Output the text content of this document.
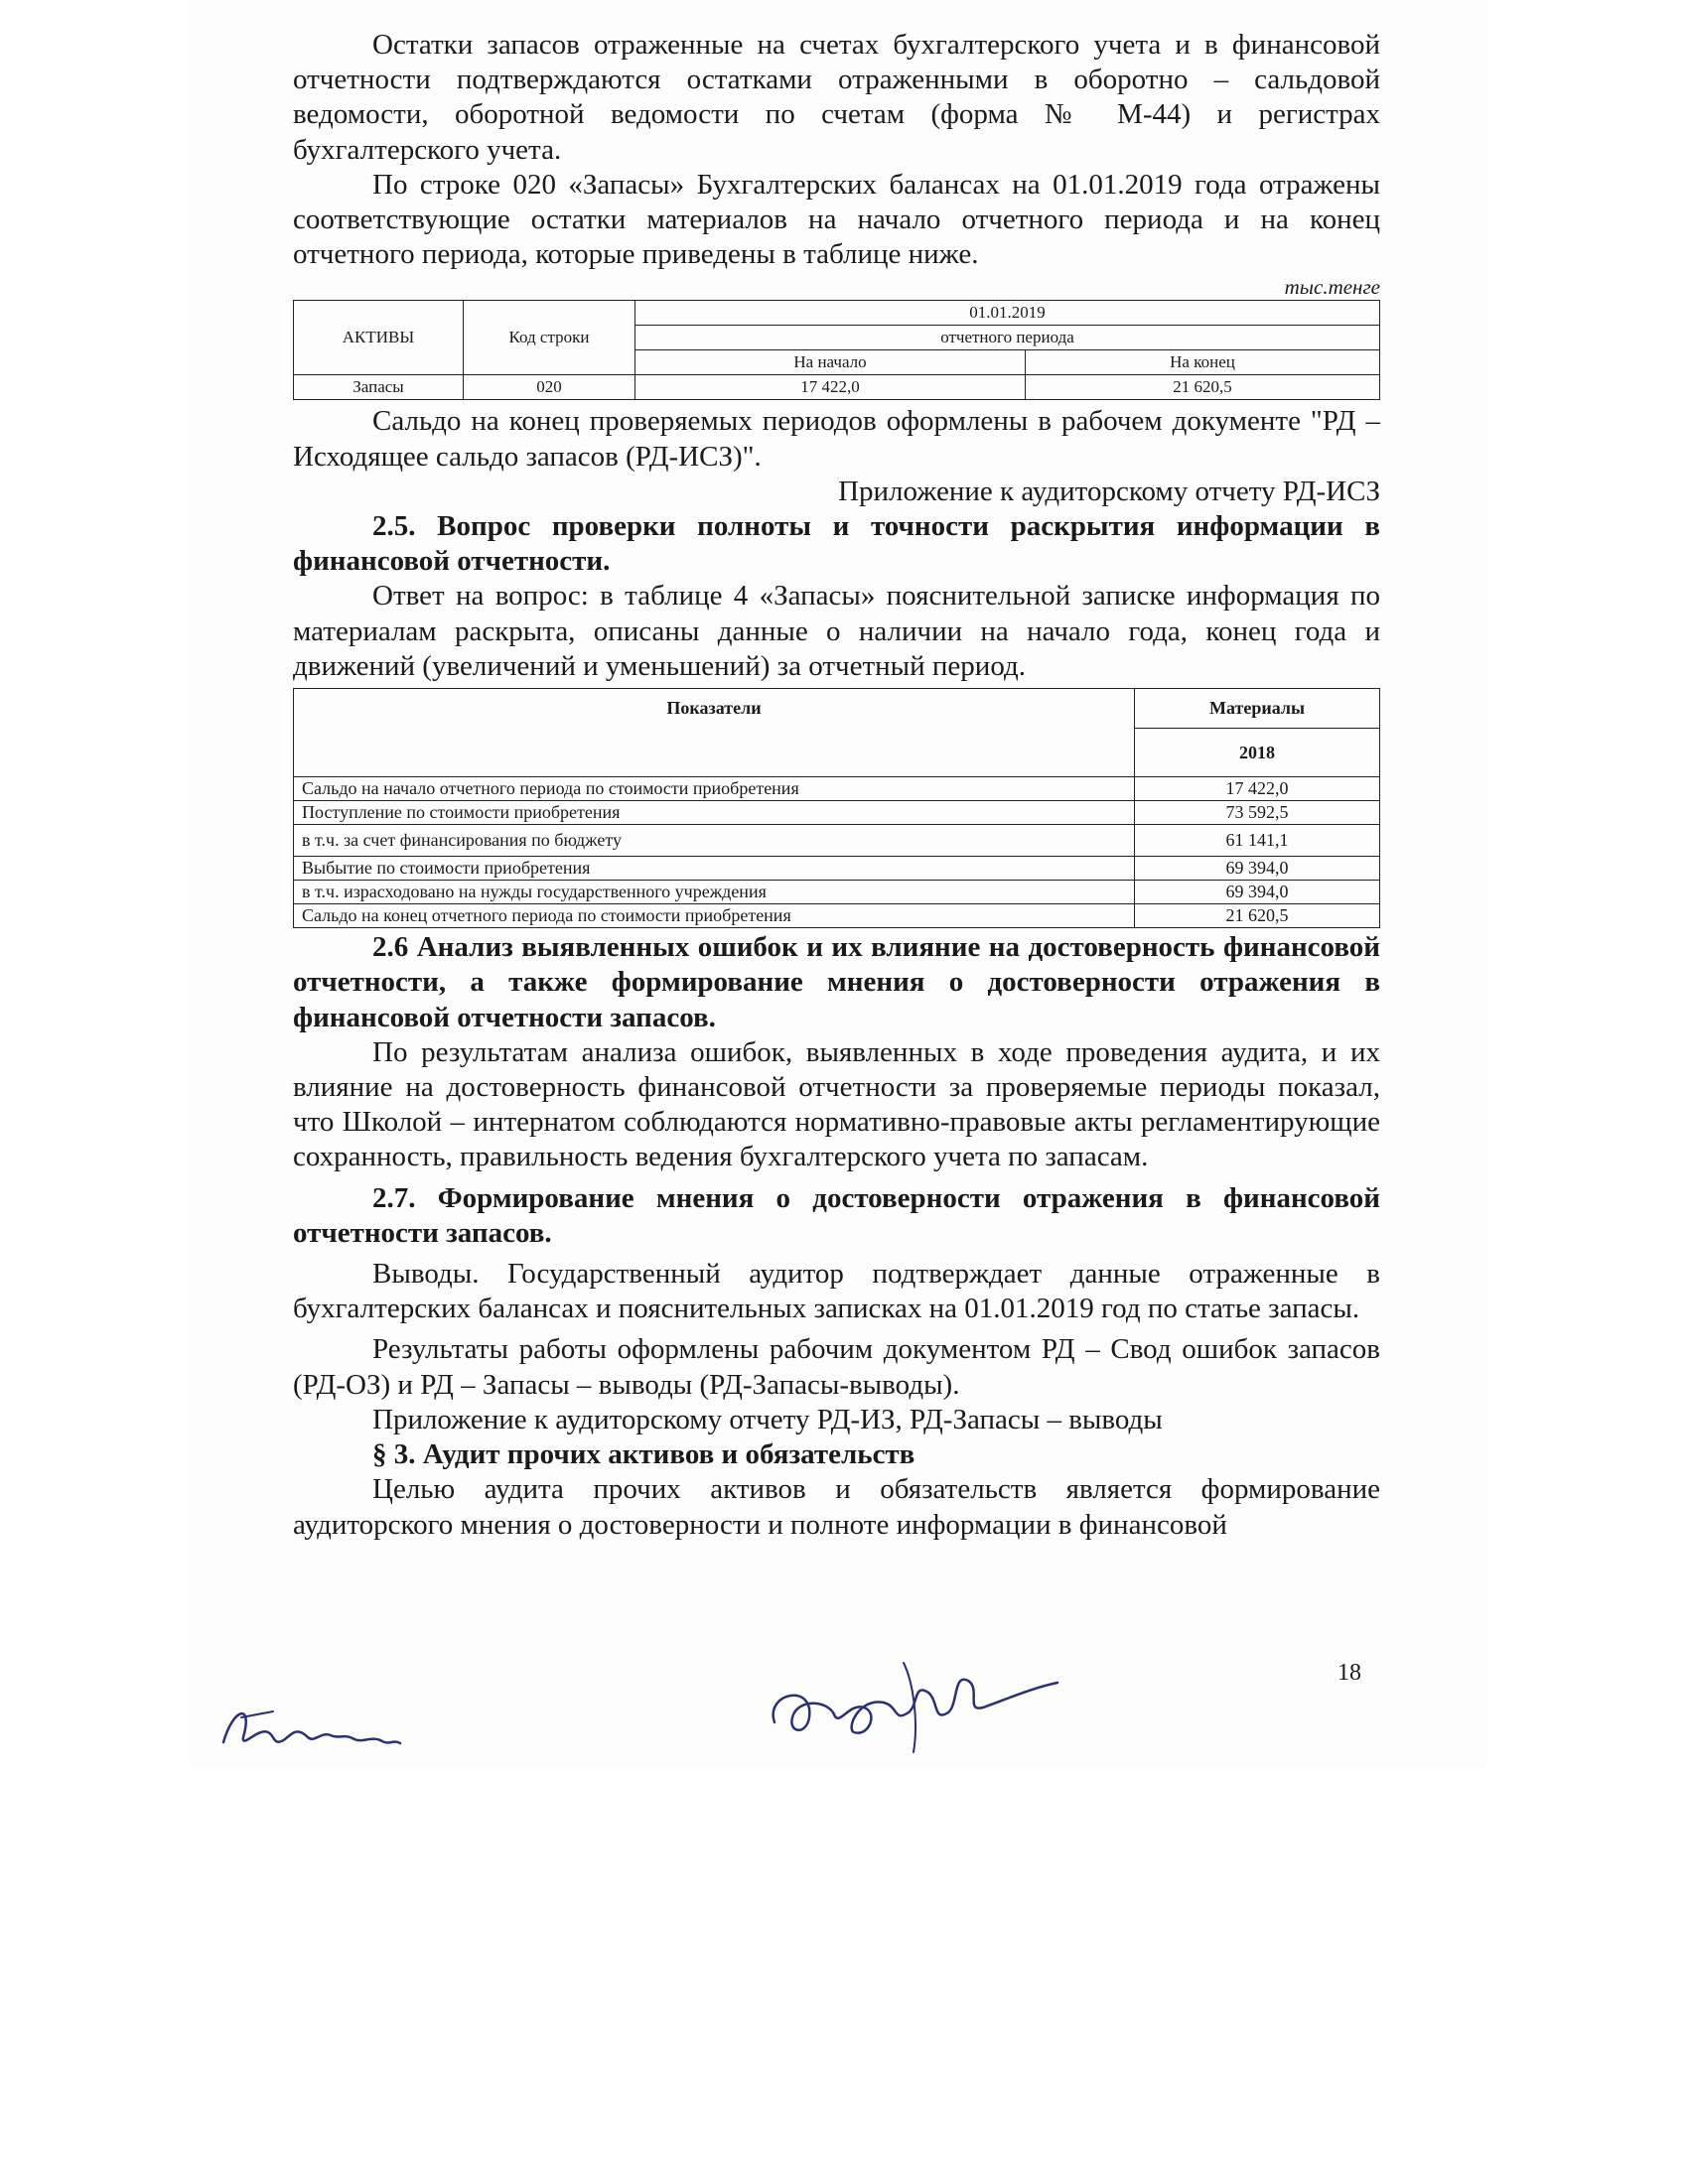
Остатки запасов отраженные на счетах бухгалтерского учета и в финансовой отчетности подтверждаются остатками отраженными в оборотно – сальдовой ведомости, оборотной ведомости по счетам (форма № М-44) и регистрах бухгалтерского учета.

По строке 020 «Запасы» Бухгалтерских балансах на 01.01.2019 года отражены соответствующие остатки материалов на начало отчетного периода и на конец отчетного периода, которые приведены в таблице ниже.

тыс.тенге
АКТИВЫ	Код строки	01.01.2019	
		отчетного периода	
		На начало	На конец
Запасы	020	17 422,0	21 620,5

Сальдо на конец проверяемых периодов оформлены в рабочем документе "РД – Исходящее сальдо запасов (РД-ИСЗ)".

Приложение к аудиторскому отчету РД-ИСЗ

2.5. Вопрос проверки полноты и точности раскрытия информации в финансовой отчетности.

Ответ на вопрос: в таблице 4 «Запасы» пояснительной записке информация по материалам раскрыта, описаны данные о наличии на начало года, конец года и движений (увеличений и уменьшений) за отчетный период.

Показатели	Материалы
	2018
Сальдо на начало отчетного периода по стоимости приобретения	17 422,0
Поступление по стоимости приобретения	73 592,5
в т.ч. за счет финансирования по бюджету	61 141,1
Выбытие по стоимости приобретения	69 394,0
в т.ч. израсходовано на нужды государственного учреждения	69 394,0
Сальдо на конец отчетного периода по стоимости приобретения	21 620,5

2.6 Анализ выявленных ошибок и их влияние на достоверность финансовой отчетности, а также формирование мнения о достоверности отражения в финансовой отчетности запасов.

По результатам анализа ошибок, выявленных в ходе проведения аудита, и их влияние на достоверность финансовой отчетности за проверяемые периоды показал, что Школой – интернатом соблюдаются нормативно-правовые акты регламентирующие сохранность, правильность ведения бухгалтерского учета по запасам.

2.7. Формирование мнения о достоверности отражения в финансовой отчетности запасов.

Выводы. Государственный аудитор подтверждает данные отраженные в бухгалтерских балансах и пояснительных записках на 01.01.2019 год по статье запасы.

Результаты работы оформлены рабочим документом РД – Свод ошибок запасов (РД-ОЗ) и РД – Запасы – выводы (РД-Запасы-выводы).

Приложение к аудиторскому отчету РД-ИЗ, РД-Запасы – выводы

§ 3. Аудит прочих активов и обязательств

Целью аудита прочих активов и обязательств является формирование аудиторского мнения о достоверности и полноте информации в финансовой

18
